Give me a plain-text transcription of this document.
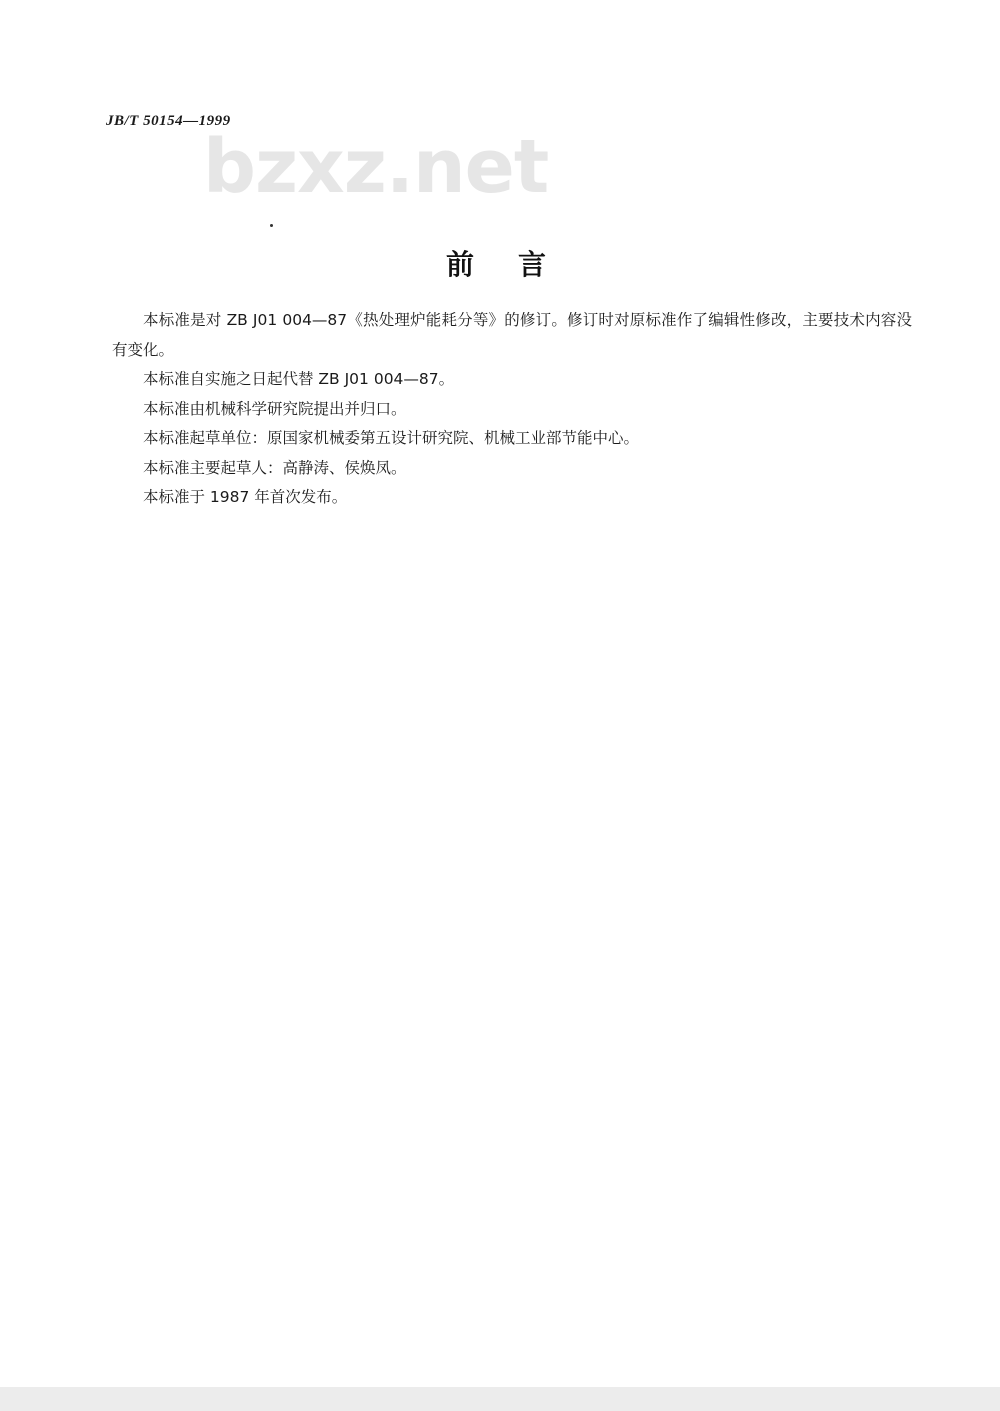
JB/T 50154—1999
bzxz.net
前言

本标准是对 ZB J01 004—87《热处理炉能耗分等》的修订。修订时对原标准作了编辑性修改，主要技术内容没有变化。

本标准自实施之日起代替 ZB J01 004—87。

本标准由机械科学研究院提出并归口。

本标准起草单位：原国家机械委第五设计研究院、机械工业部节能中心。

本标准主要起草人：高静涛、侯焕凤。

本标准于 1987 年首次发布。
